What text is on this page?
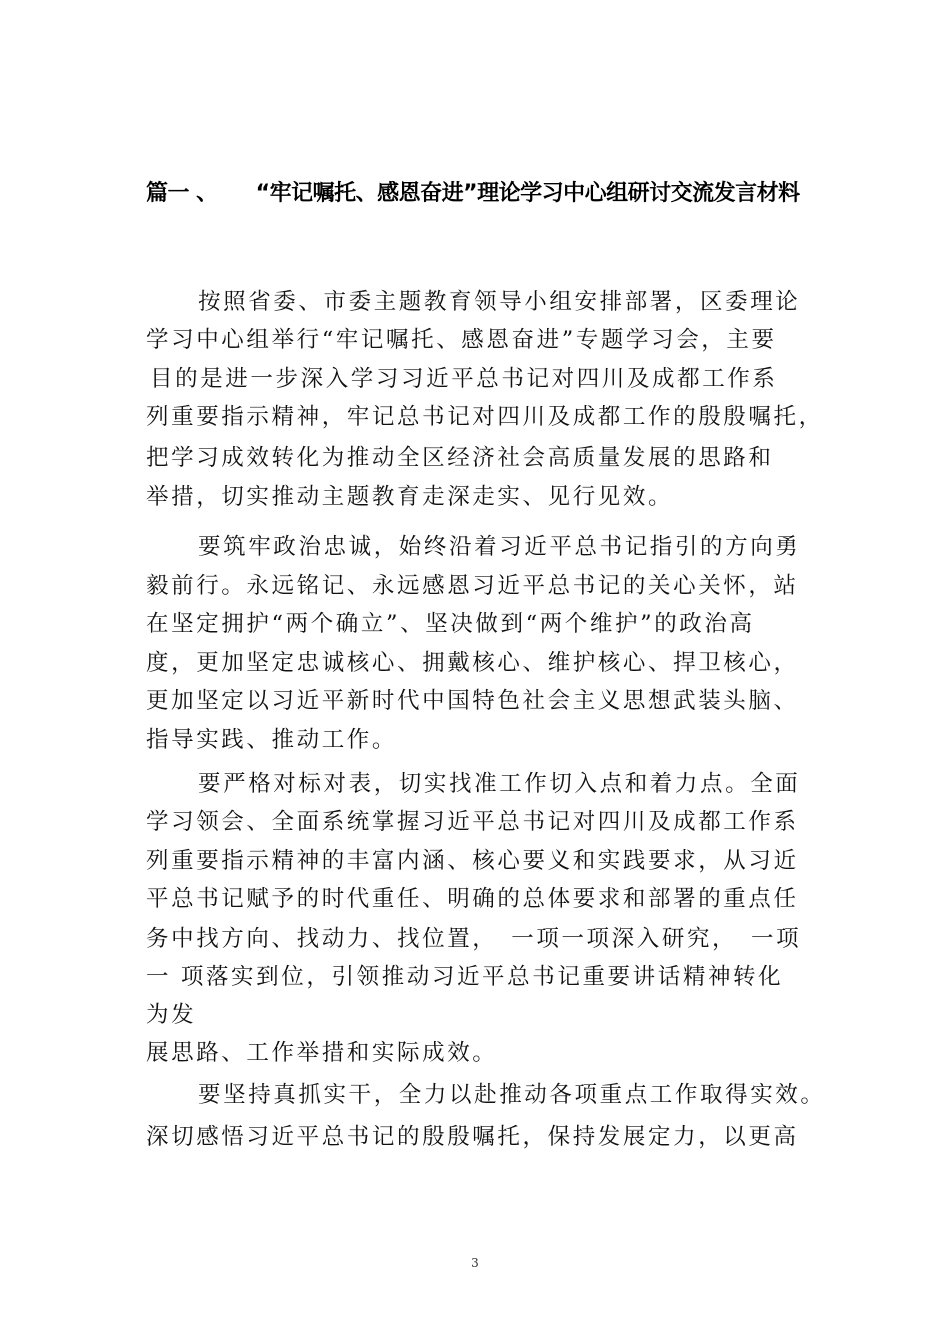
篇一 、 “牢记嘱托、感恩奋进”理论学习中心组研讨交流发言材料
按照省委、市委主题教育领导小组安排部署，区委理论
学习中心组举行“牢记嘱托、感恩奋进”专题学习会，主要
目的是进一步深入学习习近平总书记对四川及成都工作系
列重要指示精神，牢记总书记对四川及成都工作的殷殷嘱托，
把学习成效转化为推动全区经济社会高质量发展的思路和
举措，切实推动主题教育走深走实、见行见效。
要筑牢政治忠诚，始终沿着习近平总书记指引的方向勇
毅前行。永远铭记、永远感恩习近平总书记的关心关怀，站
在坚定拥护“两个确立”、坚决做到“两个维护”的政治高
度，更加坚定忠诚核心、拥戴核心、维护核心、捍卫核心，
更加坚定以习近平新时代中国特色社会主义思想武装头脑、
指导实践、推动工作。
要严格对标对表，切实找准工作切入点和着力点。全面
学习领会、全面系统掌握习近平总书记对四川及成都工作系
列重要指示精神的丰富内涵、核心要义和实践要求，从习近
平总书记赋予的时代重任、明确的总体要求和部署的重点任
务中找方向、找动力、找位置，　一项一项深入研究，　一项
一 项落实到位，引领推动习近平总书记重要讲话精神转化
为发
展思路、工作举措和实际成效。
要坚持真抓实干，全力以赴推动各项重点工作取得实效。
深切感悟习近平总书记的殷殷嘱托，保持发展定力，以更高
3
